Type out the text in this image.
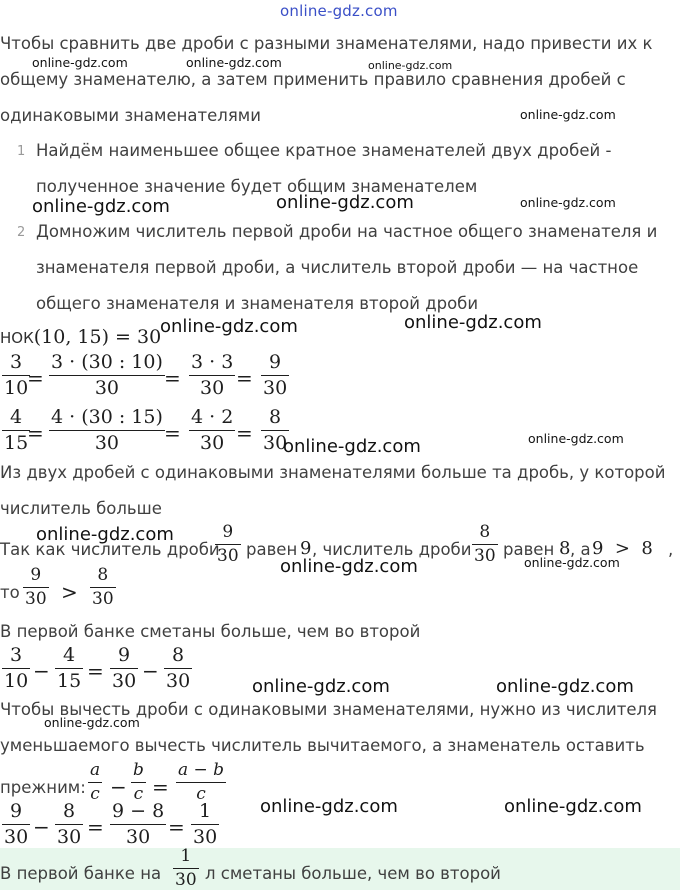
online-gdz.com
Чтобы сравнить две дроби с разными знаменателями, надо привести их к
общему знаменателю, а затем применить правило сравнения дробей с
одинаковыми знаменателями
1 Найдём наименьшее общее кратное знаменателей двух дробей -
полученное значение будет общим знаменателем
2 Домножим числитель первой дроби на частное общего знаменателя и
знаменателя первой дроби, а числитель второй дроби — на частное
общего знаменателя и знаменателя второй дроби
НОК(10, 15) = 30
3
10
=
3 · (30 : 10)
30 =
3 · 3
30 =
9
30
4
15
=
4 · (30 : 15)
30 =
4 · 2
30 =
8
30
Из двух дробей с одинаковыми знаменателями больше та дробь, у которой
числитель больше
Так как числитель дроби
9
30 равен 9 , числитель дроби
8
30 равен 8 , а 9  >  8 ,
то
9
30 >
8
30
В первой банке сметаны больше, чем во второй
3
10 −
4
15 =
9
30 −
8
30
Чтобы вычесть дроби с одинаковыми знаменателями, нужно из числителя
уменьшаемого вычесть числитель вычитаемого, а знаменатель оставить
прежним:
a
c −
b
c =
a − b
c
9
30 −
8
30 =
9 − 8
30 =
1
30
В первой банке на
1
30 л сметаны больше, чем во второй
online-gdz.com	online-gdz.com	online-gdz.com
online-gdz.com
online-gdz.com	online-gdz.com	online-gdz.com
online-gdz.com	online-gdz.com
online-gdz.com	online-gdz.com
online-gdz.com
online-gdz.com	online-gdz.com
online-gdz.com	online-gdz.com
online-gdz.com
online-gdz.com	online-gdz.com
